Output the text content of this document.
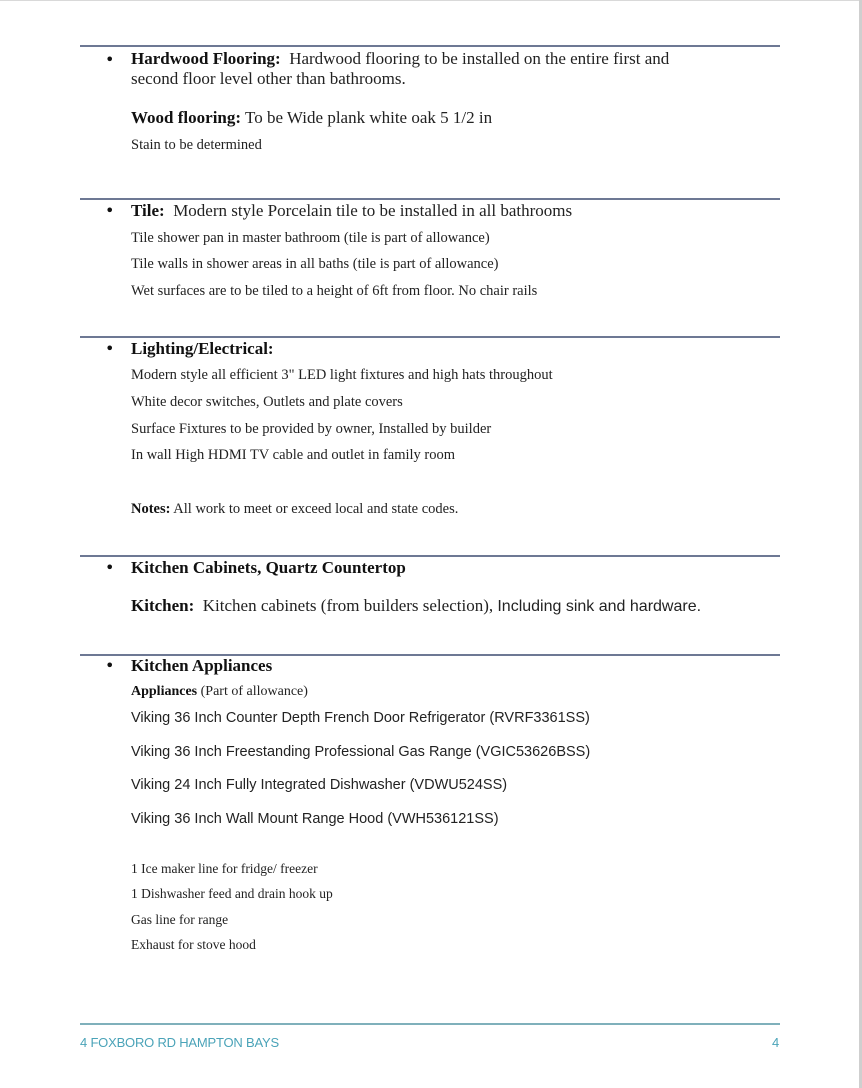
• Hardwood Flooring: Hardwood flooring to be installed on the entire first and
second floor level other than bathrooms.
Wood flooring: To be Wide plank white oak 5 1/2 in
Stain to be determined
• Tile: Modern style Porcelain tile to be installed in all bathrooms
Tile shower pan in master bathroom (tile is part of allowance)
Tile walls in shower areas in all baths (tile is part of allowance)
Wet surfaces are to be tiled to a height of 6ft from floor. No chair rails
• Lighting/Electrical:
Modern style all efficient 3" LED light fixtures and high hats throughout
White decor switches, Outlets and plate covers
Surface Fixtures to be provided by owner, Installed by builder
In wall High HDMI TV cable and outlet in family room
Notes: All work to meet or exceed local and state codes.
• Kitchen Cabinets, Quartz Countertop
Kitchen: Kitchen cabinets (from builders selection), Including sink and hardware.
• Kitchen Appliances
Appliances (Part of allowance)
Viking 36 Inch Counter Depth French Door Refrigerator (RVRF3361SS)
Viking 36 Inch Freestanding Professional Gas Range (VGIC53626BSS)
Viking 24 Inch Fully Integrated Dishwasher (VDWU524SS)
Viking 36 Inch Wall Mount Range Hood (VWH536121SS)
1 Ice maker line for fridge/ freezer
1 Dishwasher feed and drain hook up
Gas line for range
Exhaust for stove hood
4 FOXBORO RD HAMPTON BAYS	4
